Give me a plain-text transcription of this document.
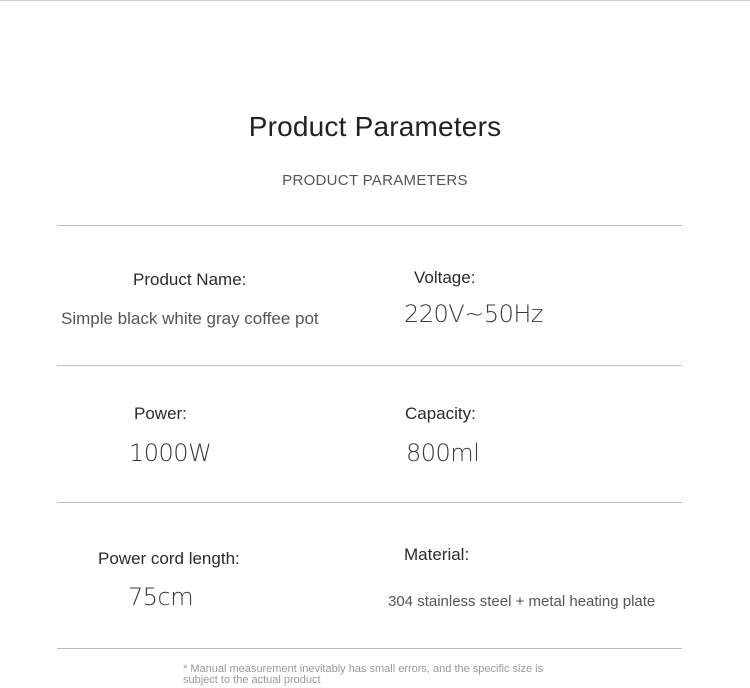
Product Parameters
PRODUCT PARAMETERS
Product Name:
Simple black white gray coffee pot
Voltage:
220V~50Hz
Power:
1000W
Capacity:
800ml
Power cord length:
75cm
Material:
304 stainless steel + metal heating plate
* Manual measurement inevitably has small errors, and the specific size is
subject to the actual product
